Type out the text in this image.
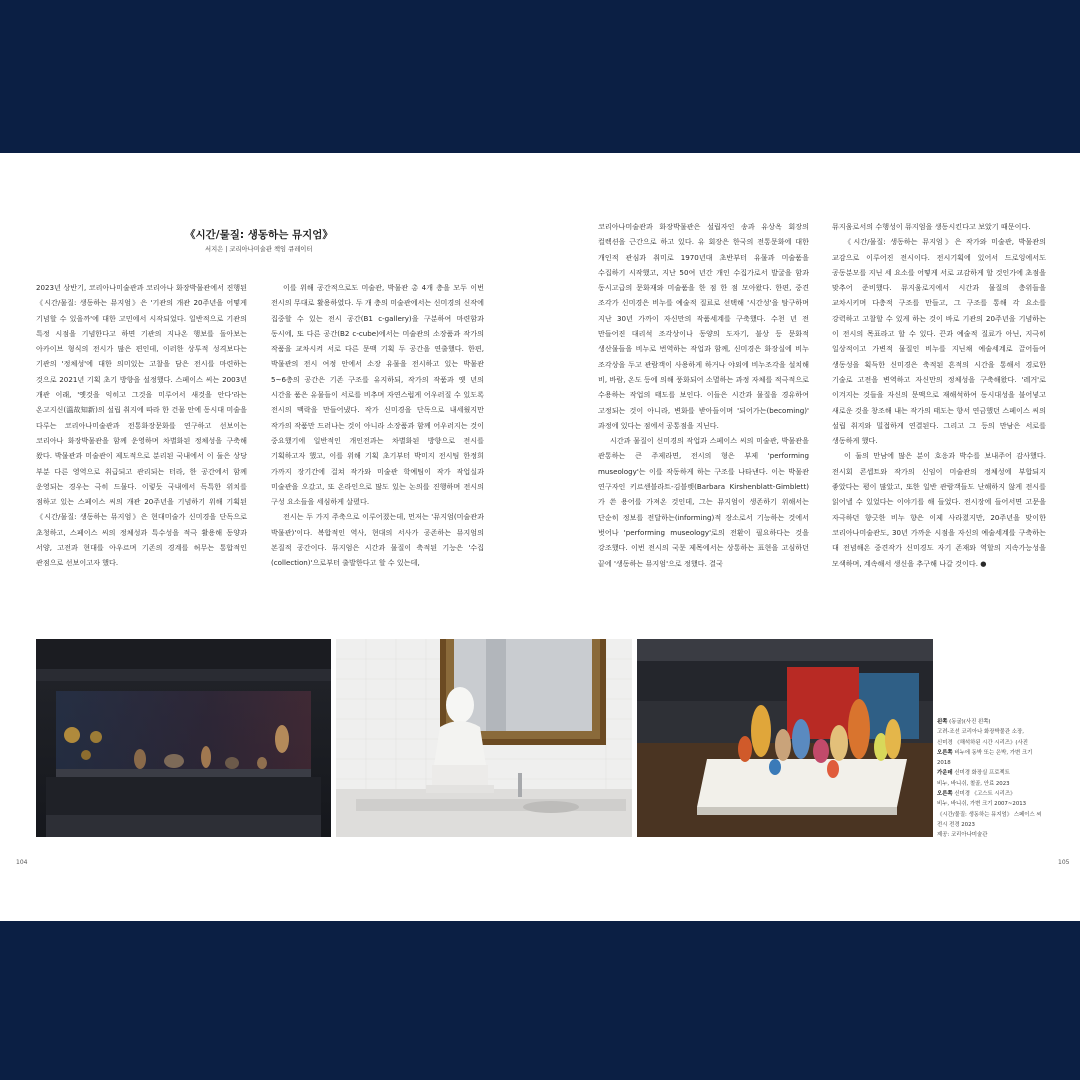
《시간/물질: 생동하는 뮤지엄》
서지은 | 코리아나미술관 책임 큐레이터

2023년 상반기, 코리아나미술관과 코리아나 화장박물관에서 진행된《시간/물질: 생동하는 뮤지엄》은 '기관의 개관 20주년을 어떻게 기념할 수 있을까'에 대한 고민에서 시작되었다. 일반적으로 기관의 특정 시점을 기념한다고 하면 기관의 지나온 행보를 돌아보는 아카이브 형식의 전시가 많은 편인데, 이러한 상투적 성격보다는 기관의 '정체성'에 대한 의미있는 고찰을 담은 전시를 마련하는 것으로 2021년 기획 초기 방향을 설정했다. 스페이스 씨는 2003년 개관 이래, '옛것을 익히고 그것을 미루어서 새것을 안다'라는 온고지신(溫故知新)의 설립 취지에 따라 한 건물 안에 동시대 미술을 다루는 코리아나미술관과 전통화장문화를 연구하고 선보이는 코리아나 화장박물관을 함께 운영하며 차별화된 정체성을 구축해 왔다. 박물관과 미술관이 제도적으로 분리된 국내에서 이 둘은 상당 부분 다른 영역으로 취급되고 관리되는 터라, 한 공간에서 함께 운영되는 경우는 극히 드물다. 이렇듯 국내에서 독특한 위치를 점하고 있는 스페이스 씨의 개관 20주년을 기념하기 위해 기획된《시간/물질: 생동하는 뮤지엄》은 현대미술가 신미경을 단독으로 초청하고, 스페이스 씨의 정체성과 특수성을 적극 활용해 동양과 서양, 고전과 현대를 아우르며 기존의 경계를 허무는 통합적인 관점으로 선보이고자 했다.

이를 위해 공간적으로도 미술관, 박물관 총 4개 층을 모두 이번 전시의 무대로 활용하였다. 두 개 층의 미술관에서는 신미경의 신작에 집중할 수 있는 전시 공간(B1 c-gallery)을 구분하여 마련함과 동시에, 또 다른 공간(B2 c-cube)에서는 미술관의 소장품과 작가의 작품을 교차시켜 서로 다른 문맥 기획 두 공간을 연출했다. 한편, 박물관의 전시 여정 안에서 소장 유물을 전시하고 있는 박물관 5~6층의 공간은 기존 구조를 유지하되, 작가의 작품과 옛 년의 시간을 품은 유물들이 서로를 비추며 자연스럽게 어우러질 수 있도록 전시의 맥락을 만들어냈다. 작가 신미경을 단독으로 내세웠지만 작가의 작품만 드러나는 것이 아니라 소장품과 함께 어우러지는 것이 중요했기에 일반적인 개인전과는 차별화된 방향으로 전시를 기획하고자 했고, 이를 위해 기획 초기부터 박미지 전시팀 한정희 가까지 장기간에 걸쳐 작가와 미술관 학예팀이 작가 작업실과 미술관을 오갔고, 또 온라인으로 많도 있는 논의를 진행하며 전시의 구성 요소들을 세심하게 살폈다.

전시는 두 가지 주축으로 이루어졌는데, 먼저는 '뮤지엄(미술관과 박물관)'이다. 복합적인 역사, 현대의 서사가 공존하는 뮤지엄의 본질적 공간이다. 뮤지엄은 시간과 물질이 축적된 기능은 '수집(collection)'으로부터 출발한다고 할 수 있는데,

코리아나미술관과 화장박물관은 설립자인 송과 유상옥 회장의 컬렉션을 근간으로 하고 있다. 유 회장은 한국의 전통문화에 대한 개인적 관심과 취미로 1970년대 초반부터 유물과 미술품을 수집하기 시작했고, 지난 50여 년간 개인 수집가로서 발굴을 함과 동시고급의 문화재와 미술품을 한 점 한 점 모아왔다. 한편, 중견 조각가 신미경은 비누를 예술적 질료로 선택해 '시간성'을 탐구하며 지난 30년 가까이 자신만의 작품세계를 구축했다. 수천 년 전 만들어진 대리석 조각상이나 동양의 도자기, 불상 등 문화적 생산물들을 비누로 번역하는 작업과 함께, 신미경은 화장실에 비누 조각상을 두고 관람객이 사용하게 하거나 야외에 비누조각을 설치해 비, 바람, 온도 등에 의해 풍화되어 소멸하는 과정 자체를 적극적으로 수용하는 작업의 태도를 보인다. 이들은 시간과 물질을 경유하여 고정되는 것이 아니라, 변화를 받아들이며 '되어가는(becoming)' 과정에 있다는 점에서 공통점을 지닌다.

시간과 물질이 신미경의 작업과 스페이스 씨의 미술관, 박물관을 관통하는 큰 주제라면, 전시의 형은 부제 'performing museology'는 이를 작동하게 하는 구조를 나타낸다. 이는 박물관 연구자인 키르센블라트-김블렛(Barbara Kirshenblatt-Gimblett)가 쓴 용어를 가져온 것인데, 그는 뮤지엄이 생존하기 위해서는 단순히 정보를 전달하는(informing)적 장소로서 기능하는 것에서 벗어나 'performing museology'로의 전환이 필요하다는 것을 강조했다. 이번 전시의 국문 제목에서는 상통하는 표현을 고심하던 끝에 '생동하는 뮤지엄'으로 정했다. 결국

뮤지움로서의 수행성이 뮤지엄을 생동시킨다고 보았기 때문이다.

《시간/물질: 생동하는 뮤지엄》은 작가와 미술관, 박물관의 교감으로 이루어진 전시이다. 전시기획에 있어서 드로잉에서도 공동분모를 지닌 세 요소를 어떻게 서로 교감하게 할 것인가에 초점을 맞추어 준비했다. 뮤지움로지에서 시간과 물질의 층위들을 교차시키며 다층적 구조를 만들고, 그 구조를 통해 각 요소를 강력하고 고찰할 수 있게 하는 것이 바로 기관의 20주년을 기념하는 이 전시의 목표라고 할 수 있다. 끈과 예술적 질료가 아닌, 지극히 일상적이고 가변적 물질인 비누를 지닌채 예술세계로 끌어들여 생동성을 획득한 신미경은 축적된 흔적의 시간을 통해서 경로한 기술로 고전을 변역하고 자신만의 정체성을 구축해왔다. '레거'로 이겨지는 것들을 자신의 문맥으로 재해석하여 동시대성을 불어넣고 새로운 것을 창조해 내는 작가의 태도는 향서 연금했던 스페이스 씨의 설립 취지와 밀접하게 연결된다. 그리고 그 등의 만남은 서로를 생동하게 했다.

이 둘의 만남에 많은 분이 호응과 박수를 보내주어 감사했다. 전시회 콘셉트와 작가의 신임이 미술관의 정체성에 부합되지 좋았다는 평이 많았고, 또한 일반 관람객들도 난해하지 않게 전시를 읽어낼 수 있었다는 이야기를 해 들었다. 전시장에 들어서면 고문을 자극하던 향긋한 비누 향은 이제 사라졌지만, 20주년을 맞이한 코리아나미술관도, 30년 가까운 시점을 자신의 예술세계를 구축하는 대 전념해온 중견작가 신미경도 자기 존재와 역할의 지속가능성을 모색하며, 계속해서 생신을 추구해 나갈 것이다. ●

왼쪽 (동굴)(사진 왼쪽)
고려-조선 코리아나 화장박물관 소장,
신미경 《해석하된 시간 시리즈》(사진
오른쪽 비누에 동박 또는 은박, 가변 크기
2018
가운데 신미경 화장실 프로젝트
비누, 바니쉬, 철골, 안료 2023
오른쪽 신미경 《고스트 시리즈》
비누, 바니쉬, 가변 크기 2007~2013
《시간/물질: 생동하는 뮤지엄》 스페이스 씨
전시 전경 2023
제공: 코리아나미술관
104	105
